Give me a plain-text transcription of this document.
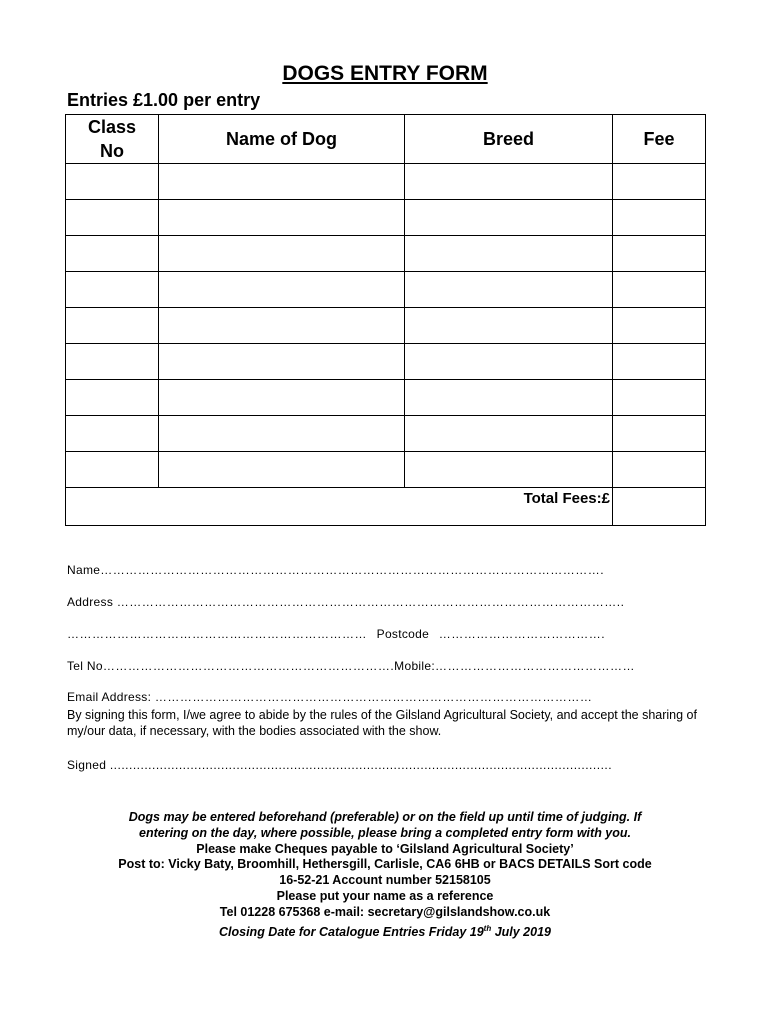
DOGS ENTRY FORM
Entries £1.00 per entry
Class
No	Name of Dog	Breed	Fee

Total Fees:£			
Name………………………………………………………………………………………………………….
Address …………………………………………………………………………………………………………..
……………………………………………………………… Postcode ………………………………….
Tel No…………………………………………………………….Mobile:…………………………………………
Email Address: ……………………………………………………………………………………………
By signing this form, I/we agree to abide by the rules of the Gilsland Agricultural Society, and accept the sharing of my/our data, if necessary, with the bodies associated with the show.
Signed ...................................................................................................................................
Dogs may be entered beforehand (preferable) or on the field up until time of judging. If
entering on the day, where possible, please bring a completed entry form with you.
Please make Cheques payable to ‘Gilsland Agricultural Society’
Post to: Vicky Baty, Broomhill, Hethersgill, Carlisle, CA6 6HB or BACS DETAILS Sort code
16-52-21 Account number 52158105
Please put your name as a reference
Tel 01228 675368 e-mail: secretary@gilslandshow.co.uk
Closing Date for Catalogue Entries Friday 19th July 2019
